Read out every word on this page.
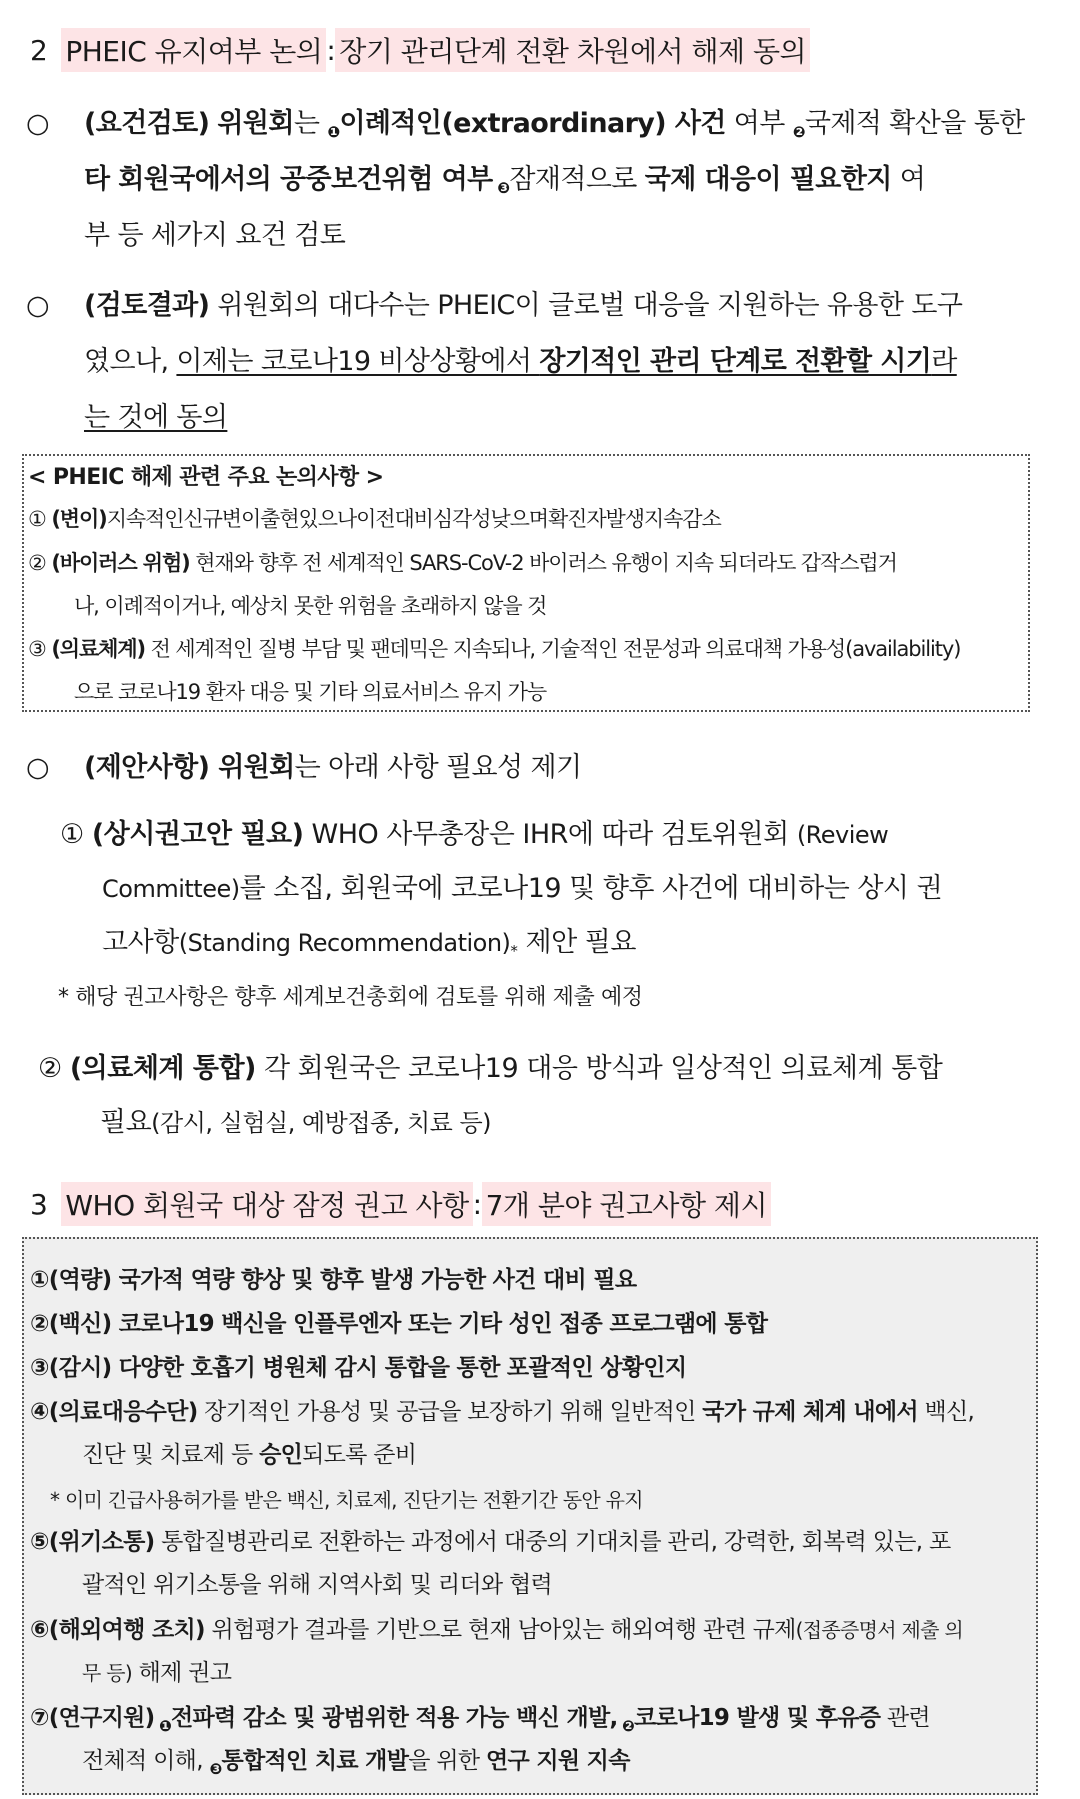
2 PHEIC 유지여부 논의 : 장기 관리단계 전환 차원에서 해제 동의
○	(요건검토) 위원회는 $^❶$이례적인(extraordinary) 사건 여부 $^❷$국제적 확산을 통한
타 회원국에서의 공중보건위험 여부 $^❸$잠재적으로 국제 대응이 필요한지 여
부 등 세가지 요건 검토
○	(검토결과) 위원회의 대다수는 PHEIC이 글로벌 대응을 지원하는 유용한 도구
였으나, 이제는 코로나19 비상상황에서 장기적인 관리 단계로 전환할 시기라
는 것에 동의
< PHEIC 해제 관련 주요 논의사항 >
① (변이)지속적인신규변이출현있으나이전대비심각성낮으며확진자발생지속감소
② (바이러스 위험) 현재와 향후 전 세계적인 SARS-CoV-2 바이러스 유행이 지속 되더라도 갑작스럽거
나, 이례적이거나, 예상치 못한 위험을 초래하지 않을 것
③ (의료체계) 전 세계적인 질병 부담 및 팬데믹은 지속되나, 기술적인 전문성과 의료대책 가용성(availability)
으로 코로나19 환자 대응 및 기타 의료서비스 유지 가능
○	(제안사항) 위원회는 아래 사항 필요성 제기
① (상시권고안 필요) WHO 사무총장은 IHR에 따라 검토위원회 (Review
Committee)를 소집, 회원국에 코로나19 및 향후 사건에 대비하는 상시 권
고사항(Standing Recommendation)* 제안 필요
* 해당 권고사항은 향후 세계보건총회에 검토를 위해 제출 예정
② (의료체계 통합) 각 회원국은 코로나19 대응 방식과 일상적인 의료체계 통합
필요(감시, 실험실, 예방접종, 치료 등)
3 WHO 회원국 대상 잠정 권고 사항 : 7개 분야 권고사항 제시
①(역량) 국가적 역량 향상 및 향후 발생 가능한 사건 대비 필요
②(백신) 코로나19 백신을 인플루엔자 또는 기타 성인 접종 프로그램에 통합
③(감시) 다양한 호흡기 병원체 감시 통합을 통한 포괄적인 상황인지
④(의료대응수단) 장기적인 가용성 및 공급을 보장하기 위해 일반적인 국가 규제 체계 내에서 백신,
진단 및 치료제 등 승인되도록 준비
* 이미 긴급사용허가를 받은 백신, 치료제, 진단기는 전환기간 동안 유지
⑤(위기소통) 통합질병관리로 전환하는 과정에서 대중의 기대치를 관리, 강력한, 회복력 있는, 포
괄적인 위기소통을 위해 지역사회 및 리더와 협력
⑥(해외여행 조치) 위험평가 결과를 기반으로 현재 남아있는 해외여행 관련 규제(접종증명서 제출 의
무 등) 해제 권고
⑦(연구지원) $^❶$전파력 감소 및 광범위한 적용 가능 백신 개발, $^❷$코로나19 발생 및 후유증 관련
전체적 이해, $^❸$통합적인 치료 개발을 위한 연구 지원 지속
